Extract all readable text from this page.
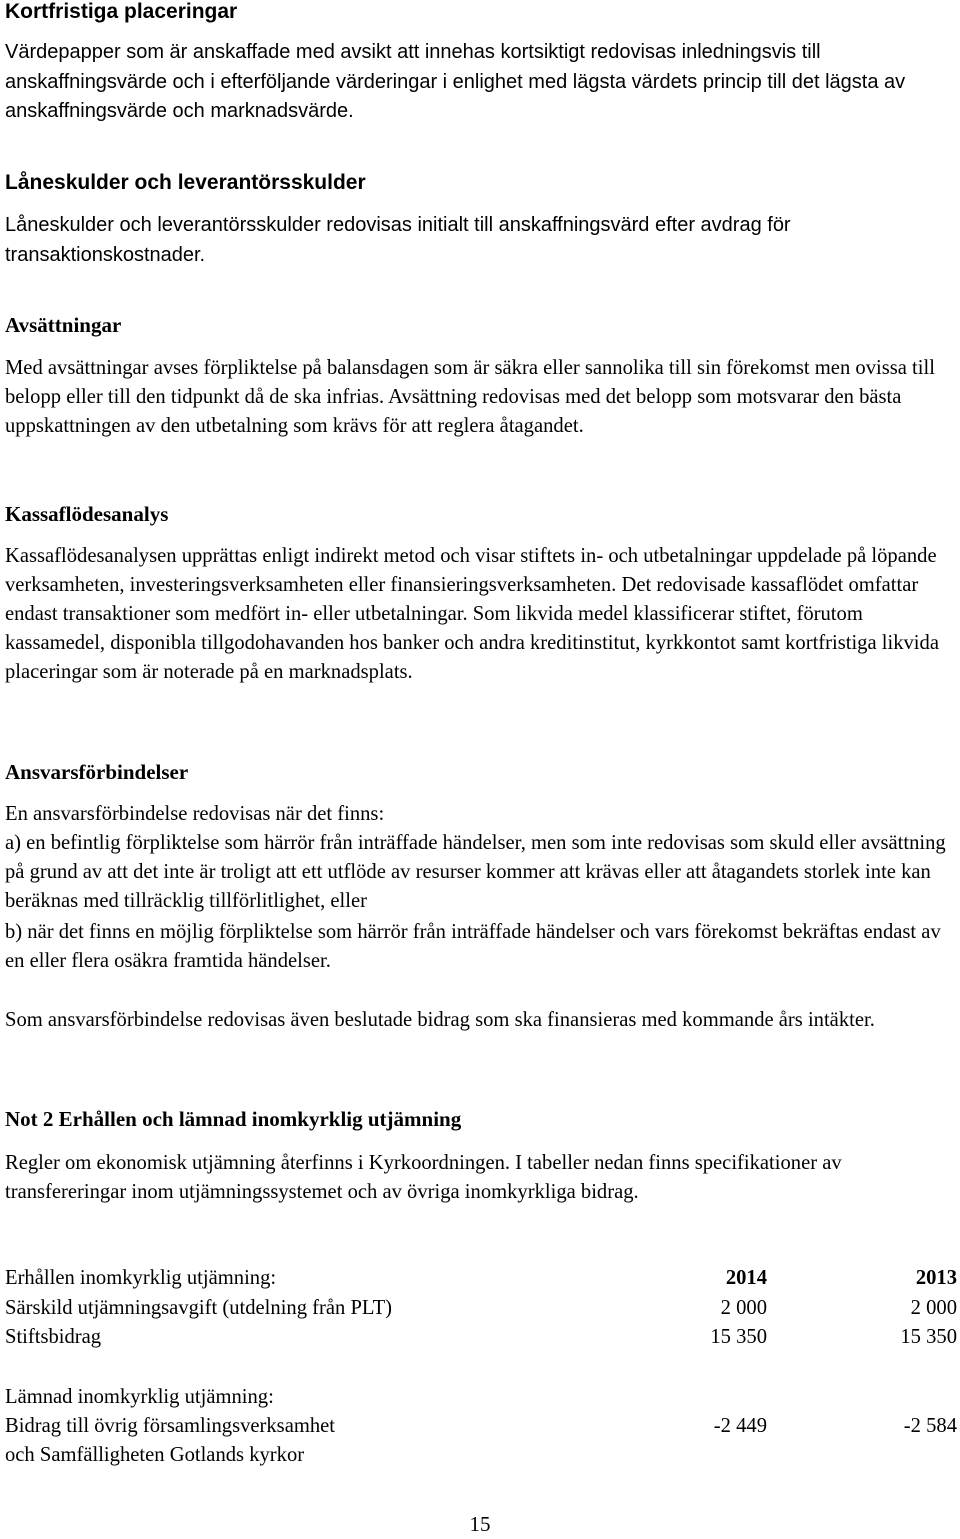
Kortfristiga placeringar

Värdepapper som är anskaffade med avsikt att innehas kortsiktigt redovisas inledningsvis till anskaffningsvärde och i efterföljande värderingar i enlighet med lägsta värdets princip till det lägsta av anskaffningsvärde och marknadsvärde.

Låneskulder och leverantörsskulder

Låneskulder och leverantörsskulder redovisas initialt till anskaffningsvärd efter avdrag för transaktionskostnader.

Avsättningar

Med avsättningar avses förpliktelse på balansdagen som är säkra eller sannolika till sin förekomst men ovissa till belopp eller till den tidpunkt då de ska infrias. Avsättning redovisas med det belopp som motsvarar den bästa uppskattningen av den utbetalning som krävs för att reglera åtagandet.

Kassaflödesanalys

Kassaflödesanalysen upprättas enligt indirekt metod och visar stiftets in- och utbetalningar uppdelade på löpande verksamheten, investeringsverksamheten eller finansieringsverksamheten. Det redovisade kassaflödet omfattar endast transaktioner som medfört in- eller utbetalningar. Som likvida medel klassificerar stiftet, förutom kassamedel, disponibla tillgodohavanden hos banker och andra kreditinstitut, kyrkkontot samt kortfristiga likvida placeringar som är noterade på en marknadsplats.

Ansvarsförbindelser

En ansvarsförbindelse redovisas när det finns:

a) en befintlig förpliktelse som härrör från inträffade händelser, men som inte redovisas som skuld eller avsättning på grund av att det inte är troligt att ett utflöde av resurser kommer att krävas eller att åtagandets storlek inte kan beräknas med tillräcklig tillförlitlighet, eller

b) när det finns en möjlig förpliktelse som härrör från inträffade händelser och vars förekomst bekräftas endast av en eller flera osäkra framtida händelser.

Som ansvarsförbindelse redovisas även beslutade bidrag som ska finansieras med kommande års intäkter.

Not 2 Erhållen och lämnad inomkyrklig utjämning

Regler om ekonomisk utjämning återfinns i Kyrkoordningen. I tabeller nedan finns specifikationer av transfereringar inom utjämningssystemet och av övriga inomkyrkliga bidrag.

Erhållen inomkyrklig utjämning:	2014	2013
Särskild utjämningsavgift (utdelning från PLT)	2 000	2 000
Stiftsbidrag	15 350	15 350
Lämnad inomkyrklig utjämning:
Bidrag till övrig församlingsverksamhet	-2 449	-2 584
och Samfälligheten Gotlands kyrkor
15
